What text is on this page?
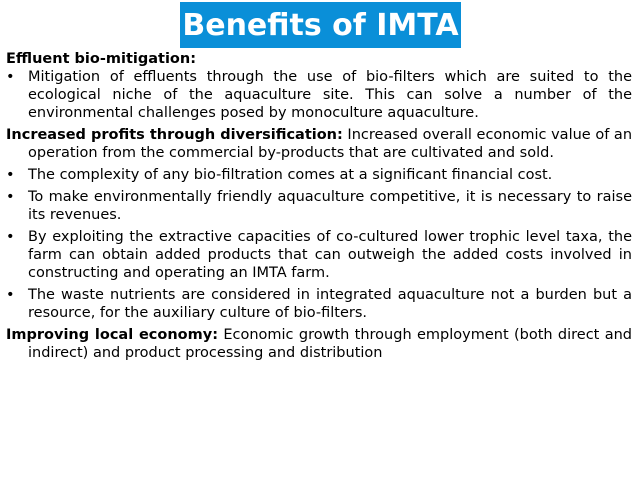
Benefits of IMTA

Effluent bio-mitigation:

• Mitigation of effluents through the use of bio-filters which are suited to the ecological niche of the aquaculture site. This can solve a number of the environmental challenges posed by monoculture aquaculture.

Increased profits through diversification: Increased overall economic value of an operation from the commercial by-products that are cultivated and sold.

• The complexity of any bio-filtration comes at a significant financial cost.
• To make environmentally friendly aquaculture competitive, it is necessary to raise its revenues.
• By exploiting the extractive capacities of co-cultured lower trophic level taxa, the farm can obtain added products that can outweigh the added costs involved in constructing and operating an IMTA farm.
• The waste nutrients are considered in integrated aquaculture not a burden but a resource, for the auxiliary culture of bio-filters.

Improving local economy: Economic growth through employment (both direct and indirect) and product processing and distribution
